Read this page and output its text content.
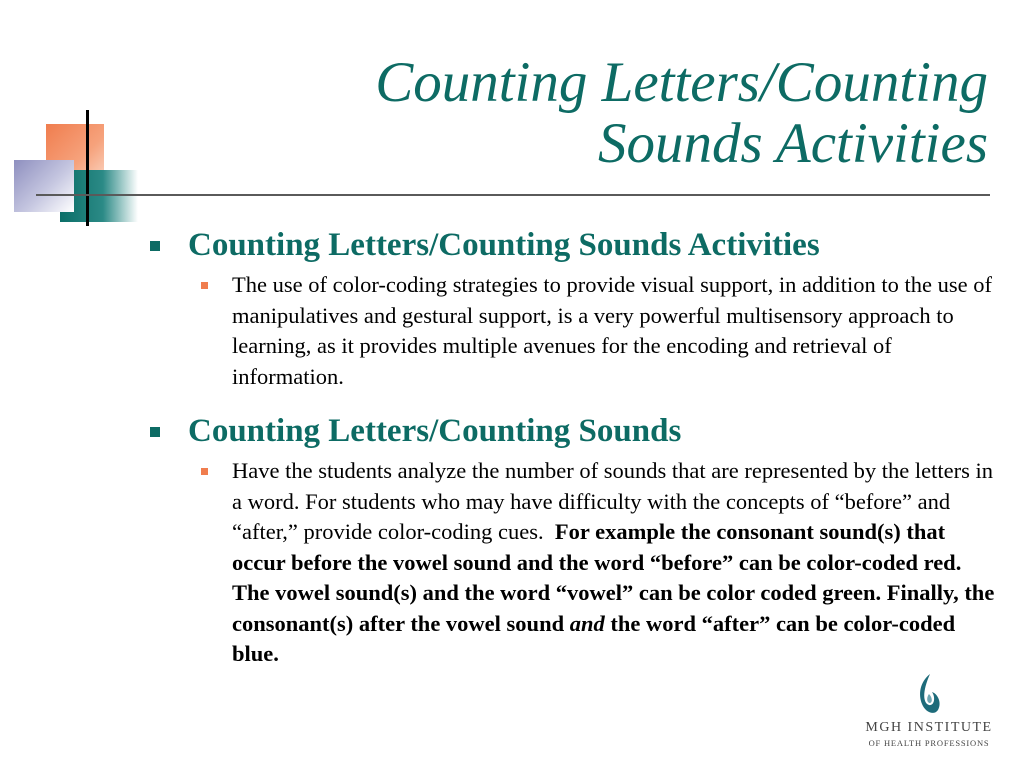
Counting Letters/Counting
Sounds Activities
Counting Letters/Counting Sounds Activities
The use of color-coding strategies to provide visual support, in addition to the use of manipulatives and gestural support, is a very powerful multisensory approach to learning, as it provides multiple avenues for the encoding and retrieval of information.
Counting Letters/Counting Sounds
Have the students analyze the number of sounds that are represented by the letters in a word. For students who may have difficulty with the concepts of “before” and “after,” provide color-coding cues. For example the consonant sound(s) that occur before the vowel sound and the word “before” can be color-coded red. The vowel sound(s) and the word “vowel” can be color coded green. Finally, the consonant(s) after the vowel sound and the word “after” can be color-coded blue.
MGH INSTITUTE
OF HEALTH PROFESSIONS
